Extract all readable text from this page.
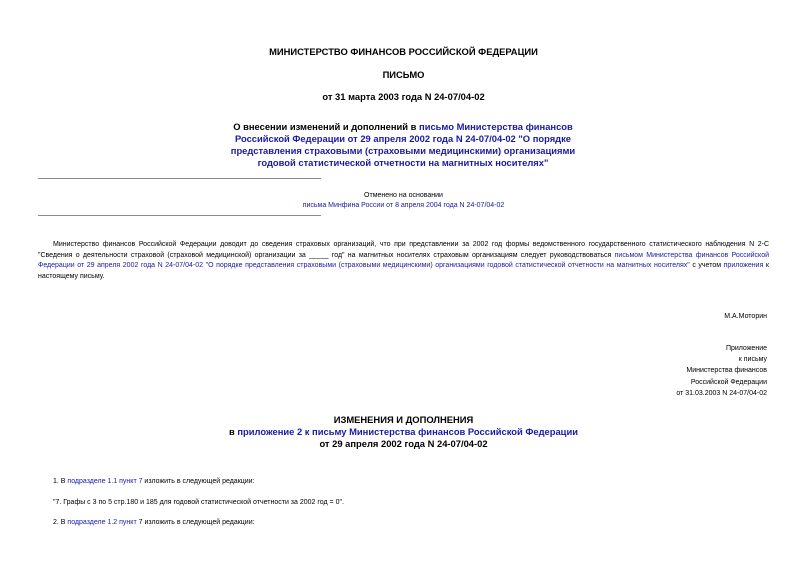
МИНИСТЕРСТВО ФИНАНСОВ РОССИЙСКОЙ ФЕДЕРАЦИИ
ПИСЬМО
от 31 марта 2003 года N 24-07/04-02
О внесении изменений и дополнений в письмо Министерства финансов Российской Федерации от 29 апреля 2002 года N 24-07/04-02 "О порядке представления страховыми (страховыми медицинскими) организациями годовой статистической отчетности на магнитных носителях"
Отменено на основании
письма Минфина России от 8 апреля 2004 года N 24-07/04-02
Министерство финансов Российской Федерации доводит до сведения страховых организаций, что при представлении за 2002 год формы ведомственного государственного статистического наблюдения N 2-С "Сведения о деятельности страховой (страховой медицинской) организации за _____ год" на магнитных носителях страховым организациям следует руководствоваться письмом Министерства финансов Российской Федерации от 29 апреля 2002 года N 24-07/04-02 "О порядке представления страховыми (страховыми медицинскими) организациями годовой статистической отчетности на магнитных носителях" с учетом приложения к настоящему письму.
М.А.Моторин
Приложение
к письму
Министерства финансов
Российской Федерации
от 31.03.2003 N 24-07/04-02
ИЗМЕНЕНИЯ И ДОПОЛНЕНИЯ
в приложение 2 к письму Министерства финансов Российской Федерации
от 29 апреля 2002 года N 24-07/04-02
1. В подразделе 1.1 пункт 7 изложить в следующей редакции:
"7. Графы с 3 по 5 стр.180 и 185 для годовой статистической отчетности за 2002 год = 0".
2. В подразделе 1.2 пункт 7 изложить в следующей редакции:
